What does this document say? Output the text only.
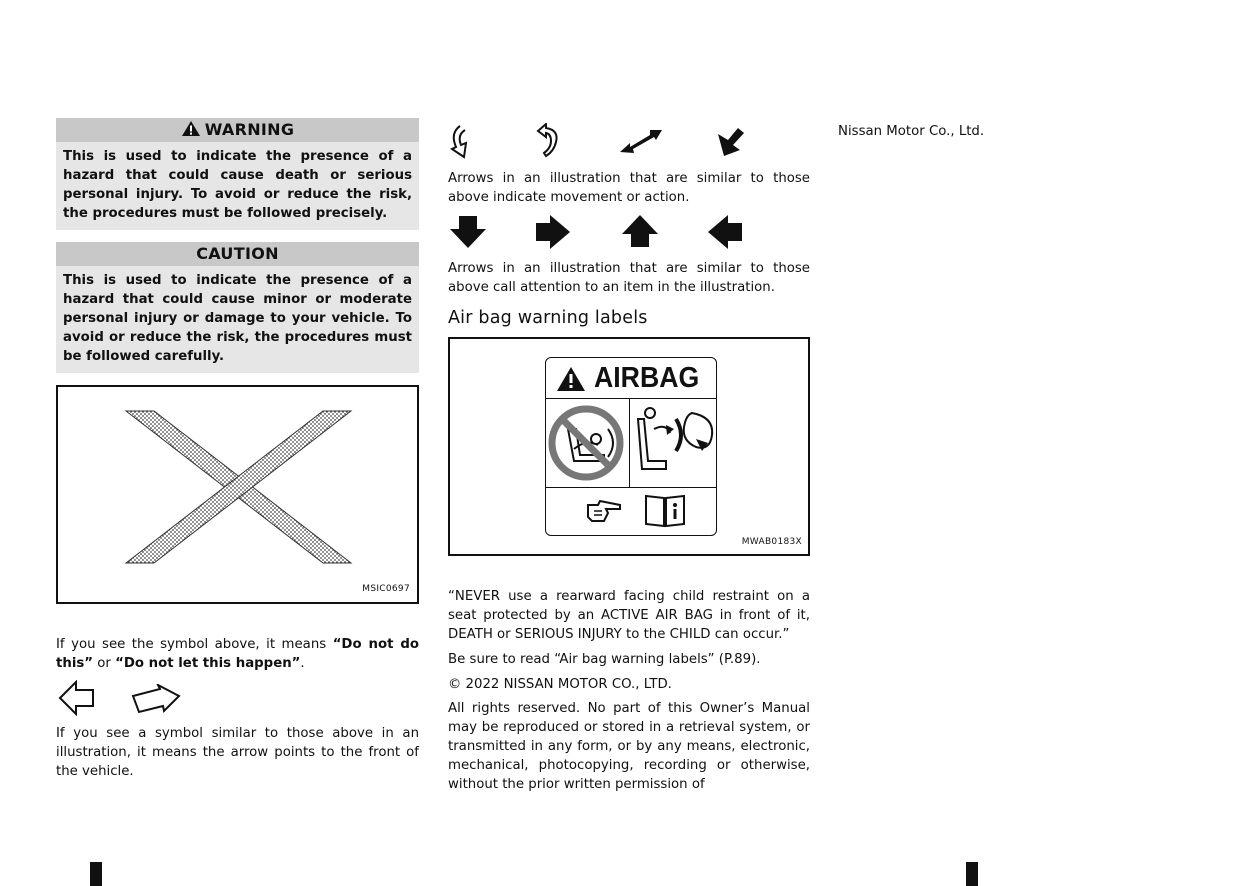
WARNING
This is used to indicate the presence of a hazard that could cause death or serious personal injury. To avoid or reduce the risk, the procedures must be followed precisely.
CAUTION
This is used to indicate the presence of a hazard that could cause minor or moderate personal injury or damage to your vehicle. To avoid or reduce the risk, the procedures must be followed carefully.
MSIC0697
If you see the symbol above, it means “Do not do this” or “Do not let this happen”.
If you see a symbol similar to those above in an illustration, it means the arrow points to the front of the vehicle.
Arrows in an illustration that are similar to those above indicate movement or action.
Arrows in an illustration that are similar to those above call attention to an item in the illustration.
Air bag warning labels
AIRBAG
MWAB0183X
“NEVER use a rearward facing child restraint on a seat protected by an ACTIVE AIR BAG in front of it, DEATH or SERIOUS INJURY to the CHILD can occur.”
Be sure to read “Air bag warning labels” (P.89).
© 2022 NISSAN MOTOR CO., LTD.
All rights reserved. No part of this Owner’s Manual may be reproduced or stored in a retrieval system, or transmitted in any form, or by any means, electronic, mechanical, photocopying, recording or otherwise, without the prior written permission of
Nissan Motor Co., Ltd.
